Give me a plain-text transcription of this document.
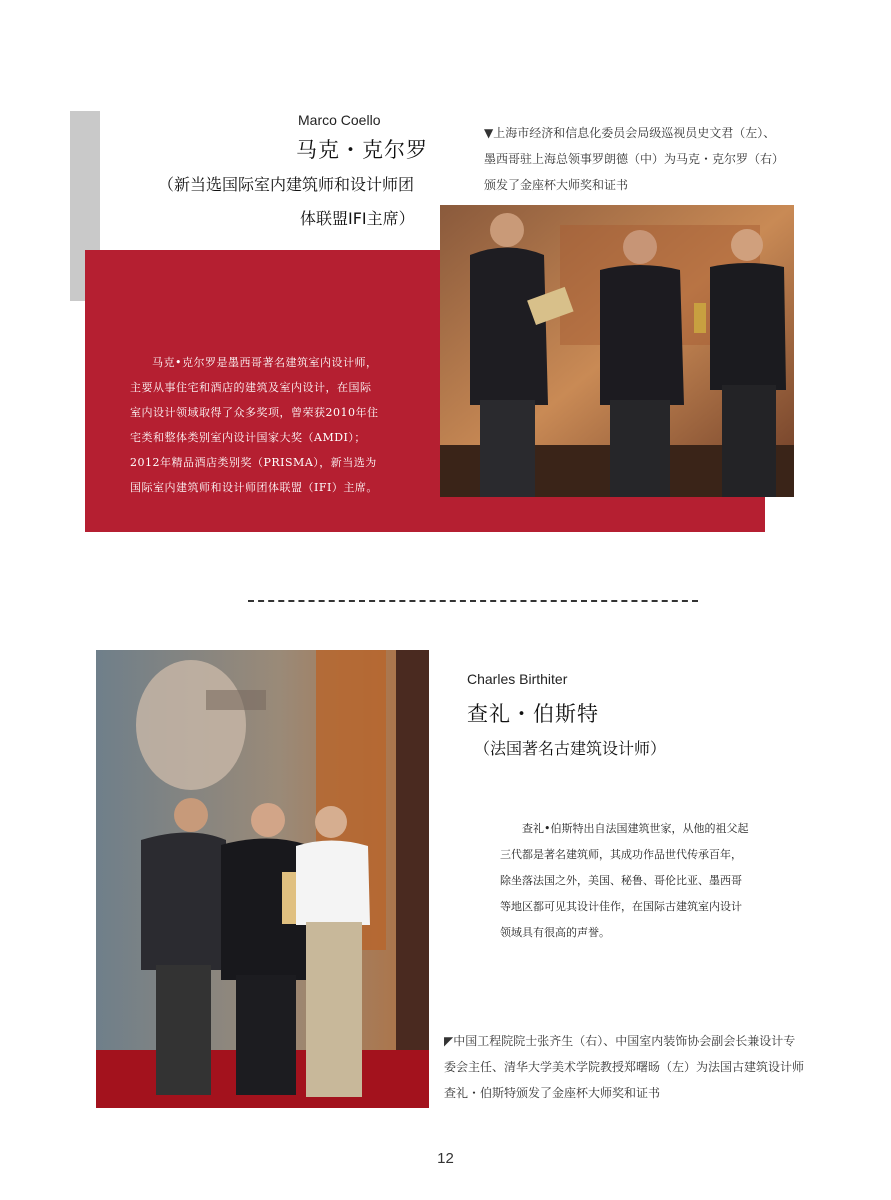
Marco Coello
马克・克尔罗
（新当选国际室内建筑师和设计师团
体联盟IFI主席）

马克•克尔罗是墨西哥著名建筑室内设计师，主要从事住宅和酒店的建筑及室内设计，在国际室内设计领域取得了众多奖项，曾荣获2010年住宅类和整体类别室内设计国家大奖（AMDI）；2012年精品酒店类别奖（PRISMA），新当选为国际室内建筑师和设计师团体联盟（IFI）主席。

▼上海市经济和信息化委员会局级巡视员史文君（左）、墨西哥驻上海总领事罗朗德（中）为马克・克尔罗（右）颁发了金座杯大师奖和证书
Charles Birthiter
查礼・伯斯特
（法国著名古建筑设计师）

查礼•伯斯特出自法国建筑世家，从他的祖父起三代都是著名建筑师，其成功作品世代传承百年，除坐落法国之外，美国、秘鲁、哥伦比亚、墨西哥等地区都可见其设计佳作，在国际古建筑室内设计领域具有很高的声誉。

◤中国工程院院士张齐生（右）、中国室内装饰协会副会长兼设计专委会主任、清华大学美术学院教授郑曙旸（左）为法国古建筑设计师查礼・伯斯特颁发了金座杯大师奖和证书
12
